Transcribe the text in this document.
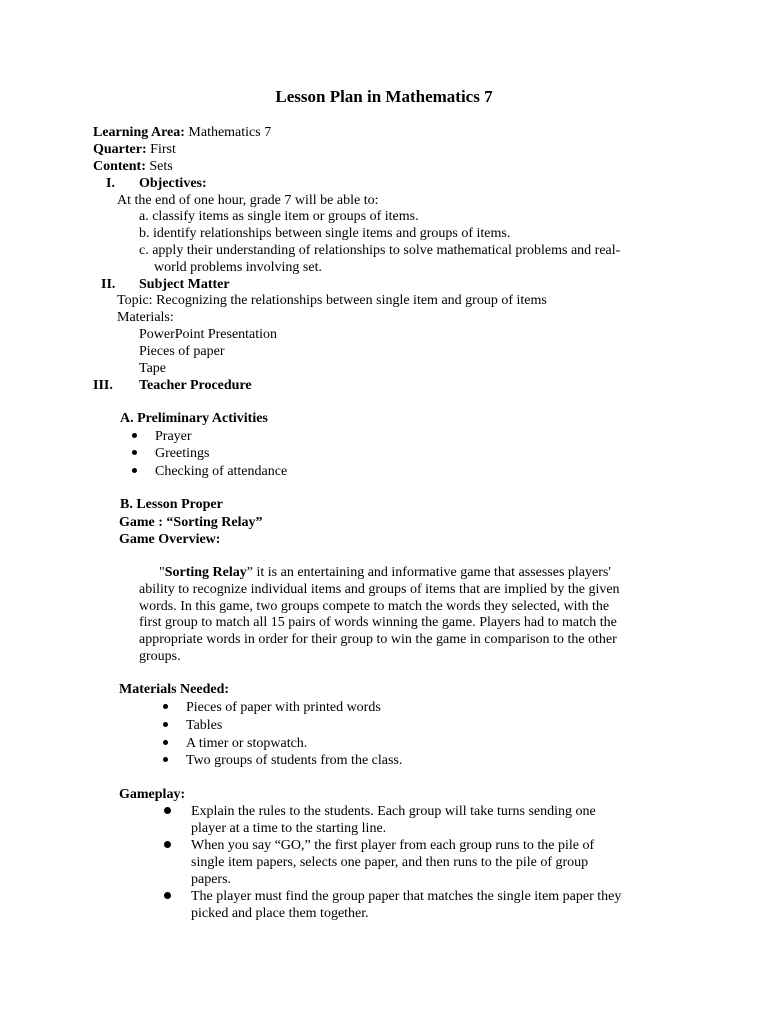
Lesson Plan in Mathematics 7
Learning Area: Mathematics 7
Quarter: First
Content: Sets
I. Objectives:
At the end of one hour, grade 7 will be able to:
a. classify items as single item or groups of items.
b. identify relationships between single items and groups of items.
c. apply their understanding of relationships to solve mathematical problems and real-
world problems involving set.
II. Subject Matter
Topic: Recognizing the relationships between single item and group of items
Materials:
PowerPoint Presentation
Pieces of paper
Tape
III. Teacher Procedure
A. Preliminary Activities
Prayer
Greetings
Checking of attendance
B. Lesson Proper
Game : “Sorting Relay”
Game Overview:
"Sorting Relay” it is an entertaining and informative game that assesses players'
ability to recognize individual items and groups of items that are implied by the given
words. In this game, two groups compete to match the words they selected, with the
first group to match all 15 pairs of words winning the game. Players had to match the
appropriate words in order for their group to win the game in comparison to the other
groups.
Materials Needed:
Pieces of paper with printed words
Tables
A timer or stopwatch.
Two groups of students from the class.
Gameplay:
Explain the rules to the students. Each group will take turns sending one
player at a time to the starting line.
When you say “GO,” the first player from each group runs to the pile of
single item papers, selects one paper, and then runs to the pile of group
papers.
The player must find the group paper that matches the single item paper they
picked and place them together.
